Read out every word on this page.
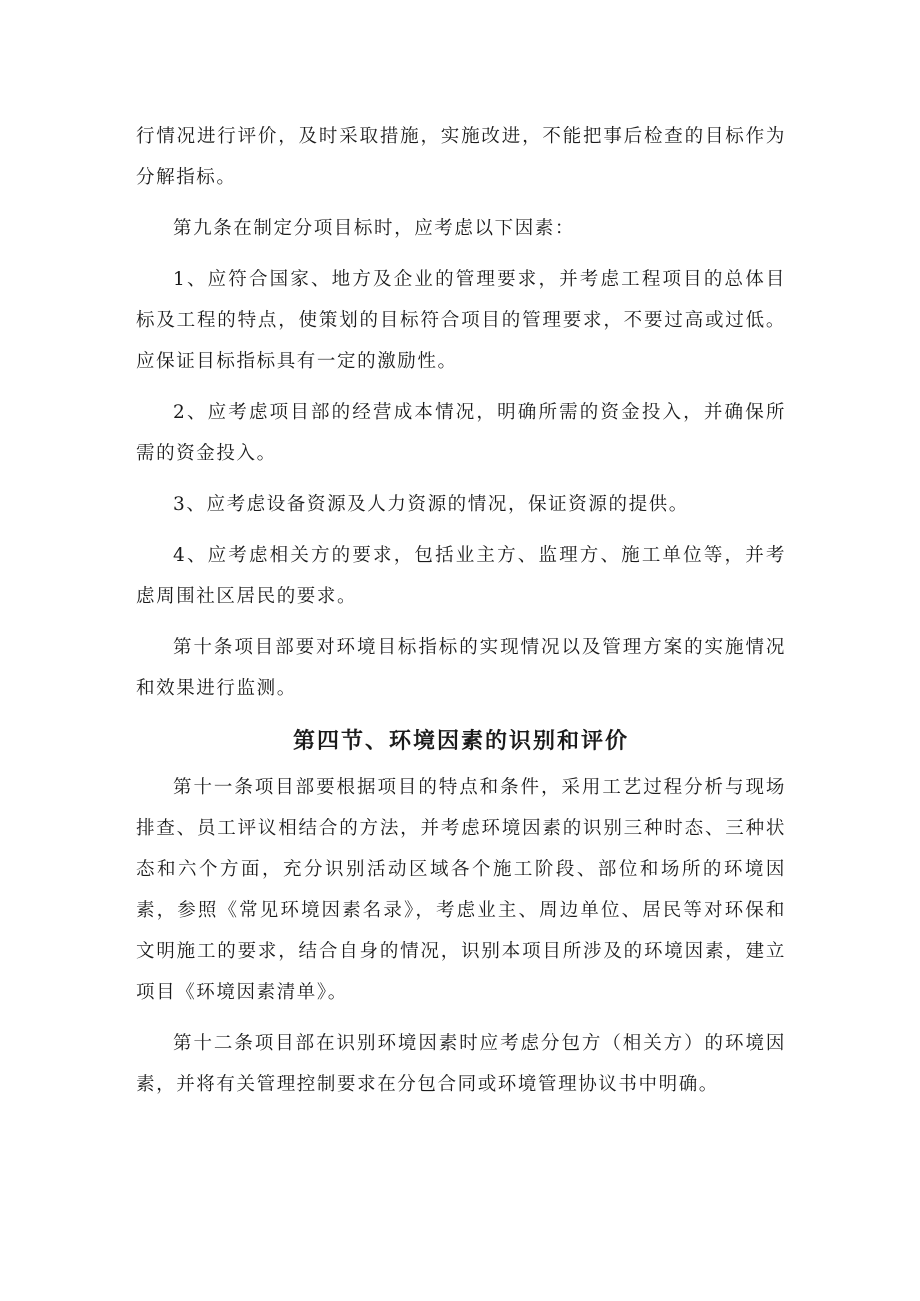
行情况进行评价，及时采取措施，实施改进，不能把事后检查的目标作为分解指标。

第九条在制定分项目标时，应考虑以下因素：

1、应符合国家、地方及企业的管理要求，并考虑工程项目的总体目标及工程的特点，使策划的目标符合项目的管理要求，不要过高或过低。应保证目标指标具有一定的激励性。

2、应考虑项目部的经营成本情况，明确所需的资金投入，并确保所需的资金投入。

3、应考虑设备资源及人力资源的情况，保证资源的提供。

4、应考虑相关方的要求，包括业主方、监理方、施工单位等，并考虑周围社区居民的要求。

第十条项目部要对环境目标指标的实现情况以及管理方案的实施情况和效果进行监测。

第四节、环境因素的识别和评价

第十一条项目部要根据项目的特点和条件，采用工艺过程分析与现场排查、员工评议相结合的方法，并考虑环境因素的识别三种时态、三种状态和六个方面，充分识别活动区域各个施工阶段、部位和场所的环境因素，参照《常见环境因素名录》，考虑业主、周边单位、居民等对环保和文明施工的要求，结合自身的情况，识别本项目所涉及的环境因素，建立项目《环境因素清单》。

第十二条项目部在识别环境因素时应考虑分包方（相关方）的环境因素，并将有关管理控制要求在分包合同或环境管理协议书中明确。
